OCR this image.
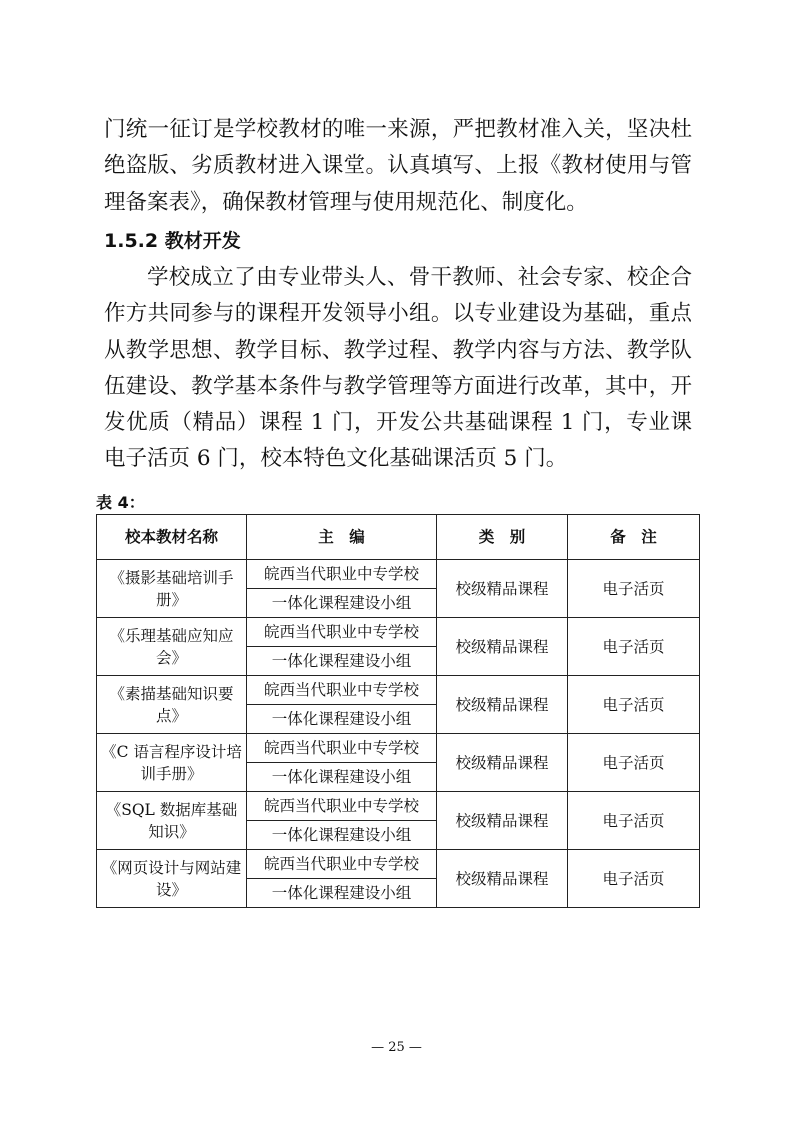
门统一征订是学校教材的唯一来源，严把教材准入关，坚决杜绝盗版、劣质教材进入课堂。认真填写、上报《教材使用与管理备案表》，确保教材管理与使用规范化、制度化。

1.5.2 教材开发

学校成立了由专业带头人、骨干教师、社会专家、校企合作方共同参与的课程开发领导小组。以专业建设为基础，重点从教学思想、教学目标、教学过程、教学内容与方法、教学队伍建设、教学基本条件与教学管理等方面进行改革，其中，开发优质（精品）课程 1 门，开发公共基础课程 1 门，专业课电子活页 6 门，校本特色文化基础课活页 5 门。

表 4：

校本教材名称	主　编	类　别	备　注
《摄影基础培训手册》	皖西当代职业中专学校	校级精品课程	电子活页
	一体化课程建设小组		
《乐理基础应知应会》	皖西当代职业中专学校	校级精品课程	电子活页
	一体化课程建设小组		
《素描基础知识要点》	皖西当代职业中专学校	校级精品课程	电子活页
	一体化课程建设小组		
《C 语言程序设计培训手册》	皖西当代职业中专学校	校级精品课程	电子活页
	一体化课程建设小组		
《SQL 数据库基础知识》	皖西当代职业中专学校	校级精品课程	电子活页
	一体化课程建设小组		
《网页设计与网站建设》	皖西当代职业中专学校	校级精品课程	电子活页
	一体化课程建设小组		
— 25 —
